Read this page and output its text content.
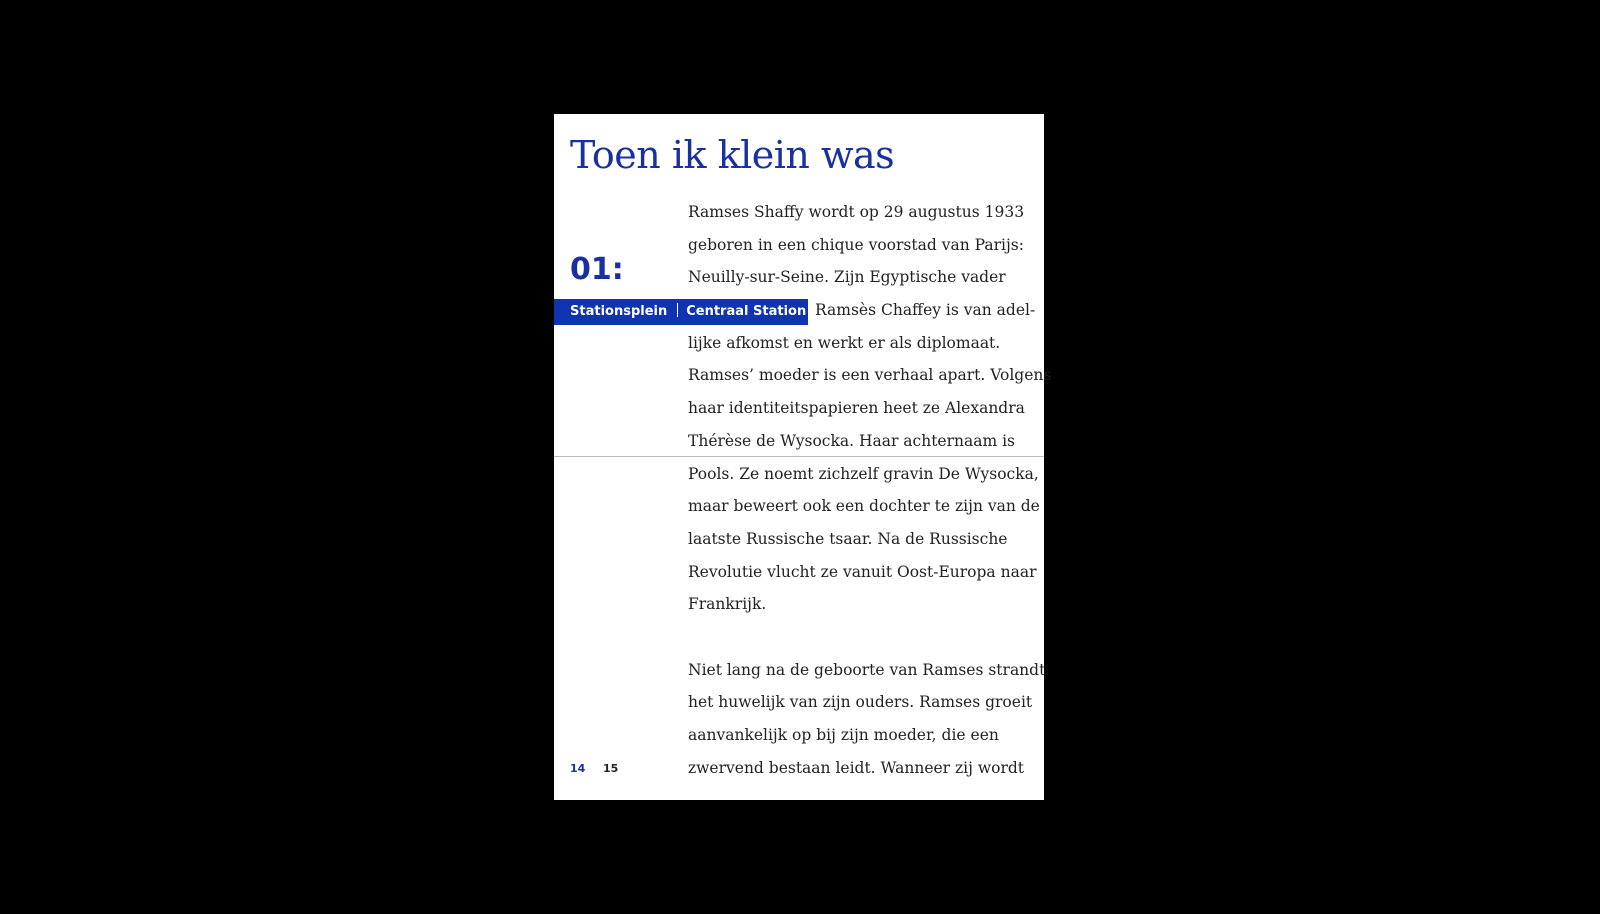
Toen ik klein was
01:
Stationsplein Centraal Station
Ramses Shaffy wordt op 29 augustus 1933
geboren in een chique voorstad van Parijs:
Neuilly-sur-Seine. Zijn Egyptische vader
Ramsès Chaffey is van adel-
lijke afkomst en werkt er als diplomaat.
Ramses’ moeder is een verhaal apart. Volgens
haar identiteitspapieren heet ze Alexandra
Thérèse de Wysocka. Haar achternaam is
Pools. Ze noemt zichzelf gravin De Wysocka,
maar beweert ook een dochter te zijn van de
laatste Russische tsaar. Na de Russische
Revolutie vlucht ze vanuit Oost-Europa naar
Frankrijk.
Niet lang na de geboorte van Ramses strandt
het huwelijk van zijn ouders. Ramses groeit
aanvankelijk op bij zijn moeder, die een
zwervend bestaan leidt. Wanneer zij wordt
14 15
